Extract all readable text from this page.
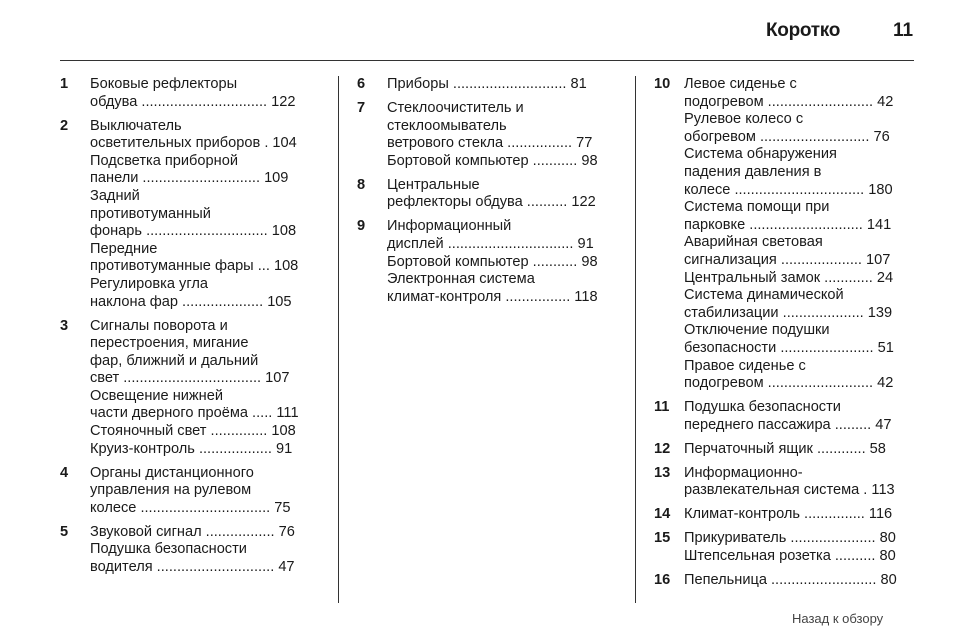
Коротко	11
1	Боковые рефлекторы
обдува ............................... 122
2	Выключатель
осветительных приборов . 104
Подсветка приборной
панели ............................. 109
Задний
противотуманный
фонарь .............................. 108
Передние
противотуманные фары ... 108
Регулировка угла
наклона фар .................... 105
3	Сигналы поворота и
перестроения, мигание
фар, ближний и дальний
свет .................................. 107
Освещение нижней
части дверного проёма ..... 111
Стояночный свет .............. 108
Круиз-контроль .................. 91
4	Органы дистанционного
управления на рулевом
колесе ................................ 75
5	Звуковой сигнал ................. 76
Подушка безопасности
водителя ............................. 47
6	Приборы ............................ 81
7	Стеклоочиститель и
стеклоомыватель
ветрового стекла ................ 77
Бортовой компьютер ........... 98
8	Центральные
рефлекторы обдува .......... 122
9	Информационный
дисплей ............................... 91
Бортовой компьютер ........... 98
Электронная система
климат-контроля ................ 118
10 Левое сиденье с
подогревом .......................... 42
Рулевое колесо с
обогревом ........................... 76
Система обнаружения
падения давления в
колесе ................................ 180
Система помощи при
парковке ............................ 141
Аварийная световая
сигнализация .................... 107
Центральный замок ............ 24
Система динамической
стабилизации .................... 139
Отключение подушки
безопасности ....................... 51
Правое сиденье с
подогревом .......................... 42
11 Подушка безопасности
переднего пассажира ......... 47
12 Перчаточный ящик ............ 58
13 Информационно-
развлекательная система . 113
14 Климат-контроль ............... 116
15 Прикуриватель ..................... 80
Штепсельная розетка .......... 80
16 Пепельница .......................... 80
Назад к обзору
